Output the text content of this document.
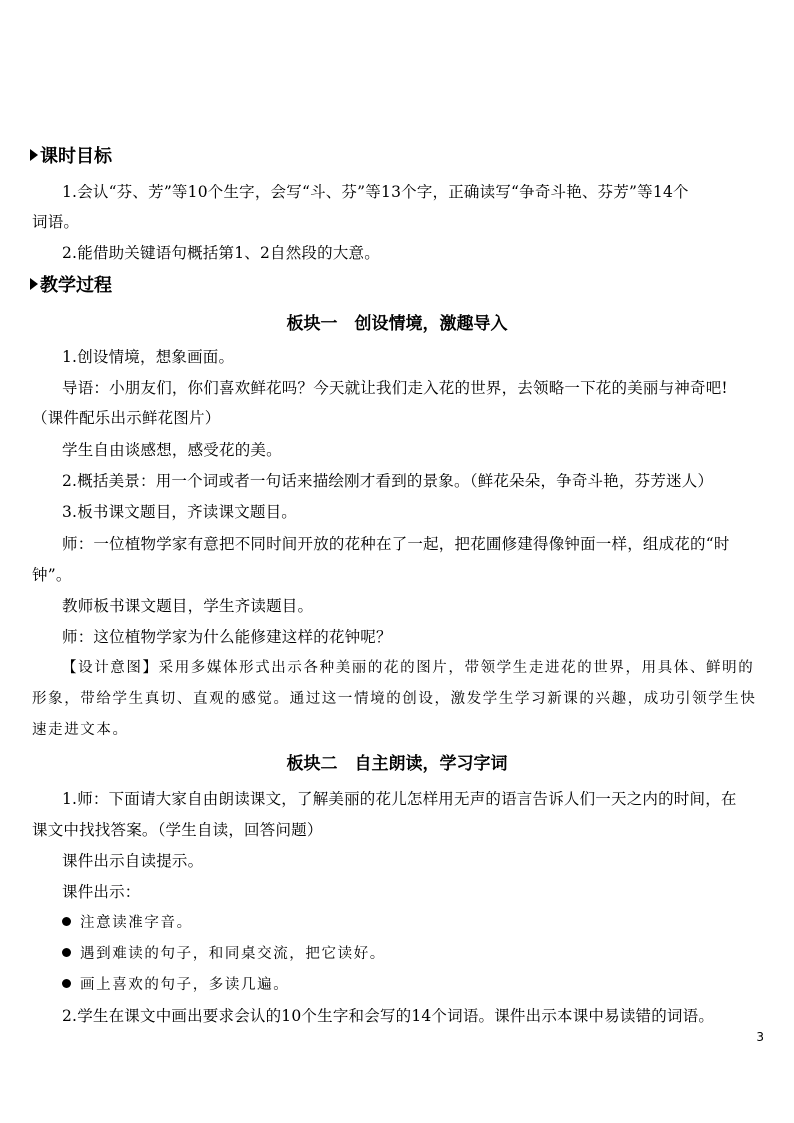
课时目标
1.会认“芬、芳”等10个生字，会写“斗、芬”等13个字，正确读写“争奇斗艳、芬芳”等14个
词语。
2.能借助关键语句概括第1、2自然段的大意。
教学过程
板块一　创设情境，激趣导入
1.创设情境，想象画面。
导语：小朋友们，你们喜欢鲜花吗？今天就让我们走入花的世界，去领略一下花的美丽与神奇吧!
（课件配乐出示鲜花图片）
学生自由谈感想，感受花的美。
2.概括美景：用一个词或者一句话来描绘刚才看到的景象。（鲜花朵朵，争奇斗艳，芬芳迷人）
3.板书课文题目，齐读课文题目。
师：一位植物学家有意把不同时间开放的花种在了一起，把花圃修建得像钟面一样，组成花的“时
钟”。
教师板书课文题目，学生齐读题目。
师：这位植物学家为什么能修建这样的花钟呢？
【设计意图】采用多媒体形式出示各种美丽的花的图片，带领学生走进花的世界，用具体、鲜明的
形象，带给学生真切、直观的感觉。通过这一情境的创设，激发学生学习新课的兴趣，成功引领学生快
速走进文本。
板块二　自主朗读，学习字词
1.师：下面请大家自由朗读课文，了解美丽的花儿怎样用无声的语言告诉人们一天之内的时间，在
课文中找找答案。（学生自读，回答问题）
课件出示自读提示。
课件出示：
注意读准字音。
遇到难读的句子，和同桌交流，把它读好。
画上喜欢的句子，多读几遍。
2.学生在课文中画出要求会认的10个生字和会写的14个词语。课件出示本课中易读错的词语。
3
